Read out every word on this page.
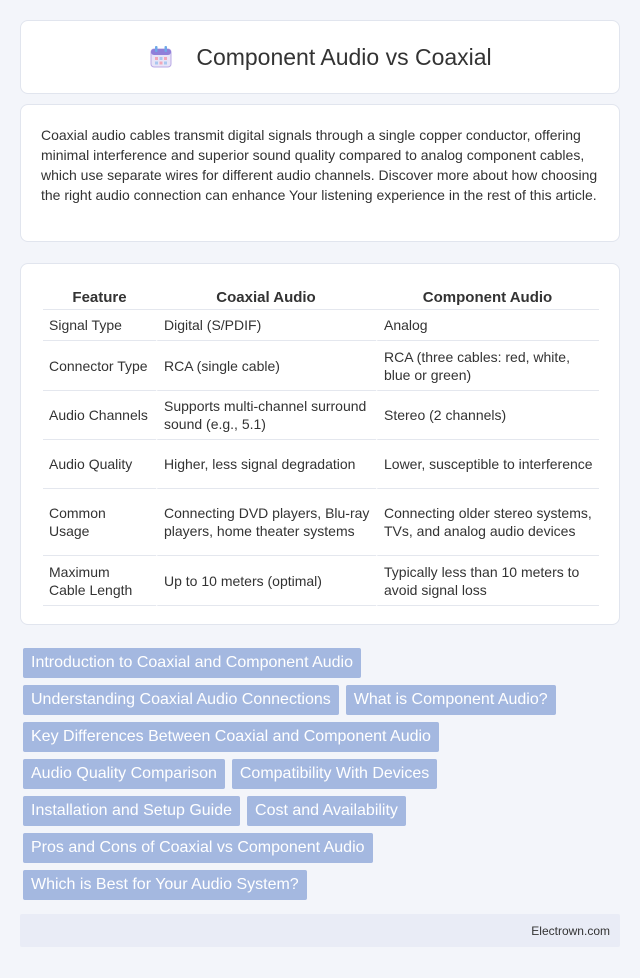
Component Audio vs Coaxial

Coaxial audio cables transmit digital signals through a single copper conductor, offering minimal interference and superior sound quality compared to analog component cables, which use separate wires for different audio channels. Discover more about how choosing the right audio connection can enhance Your listening experience in the rest of this article.

Feature	Coaxial Audio	Component Audio
Signal Type	Digital (S/PDIF)	Analog
Connector Type	RCA (single cable)	RCA (three cables: red, white, blue or green)
Audio Channels	Supports multi-channel surround sound (e.g., 5.1)	Stereo (2 channels)
Audio Quality	Higher, less signal degradation	Lower, susceptible to interference
Common Usage	Connecting DVD players, Blu-ray players, home theater systems	Connecting older stereo systems, TVs, and analog audio devices
Maximum Cable Length	Up to 10 meters (optimal)	Typically less than 10 meters to avoid signal loss
Introduction to Coaxial and Component Audio
Understanding Coaxial Audio Connections	What is Component Audio?
Key Differences Between Coaxial and Component Audio
Audio Quality Comparison	Compatibility With Devices
Installation and Setup Guide	Cost and Availability
Pros and Cons of Coaxial vs Component Audio
Which is Best for Your Audio System?
Electrown.com
